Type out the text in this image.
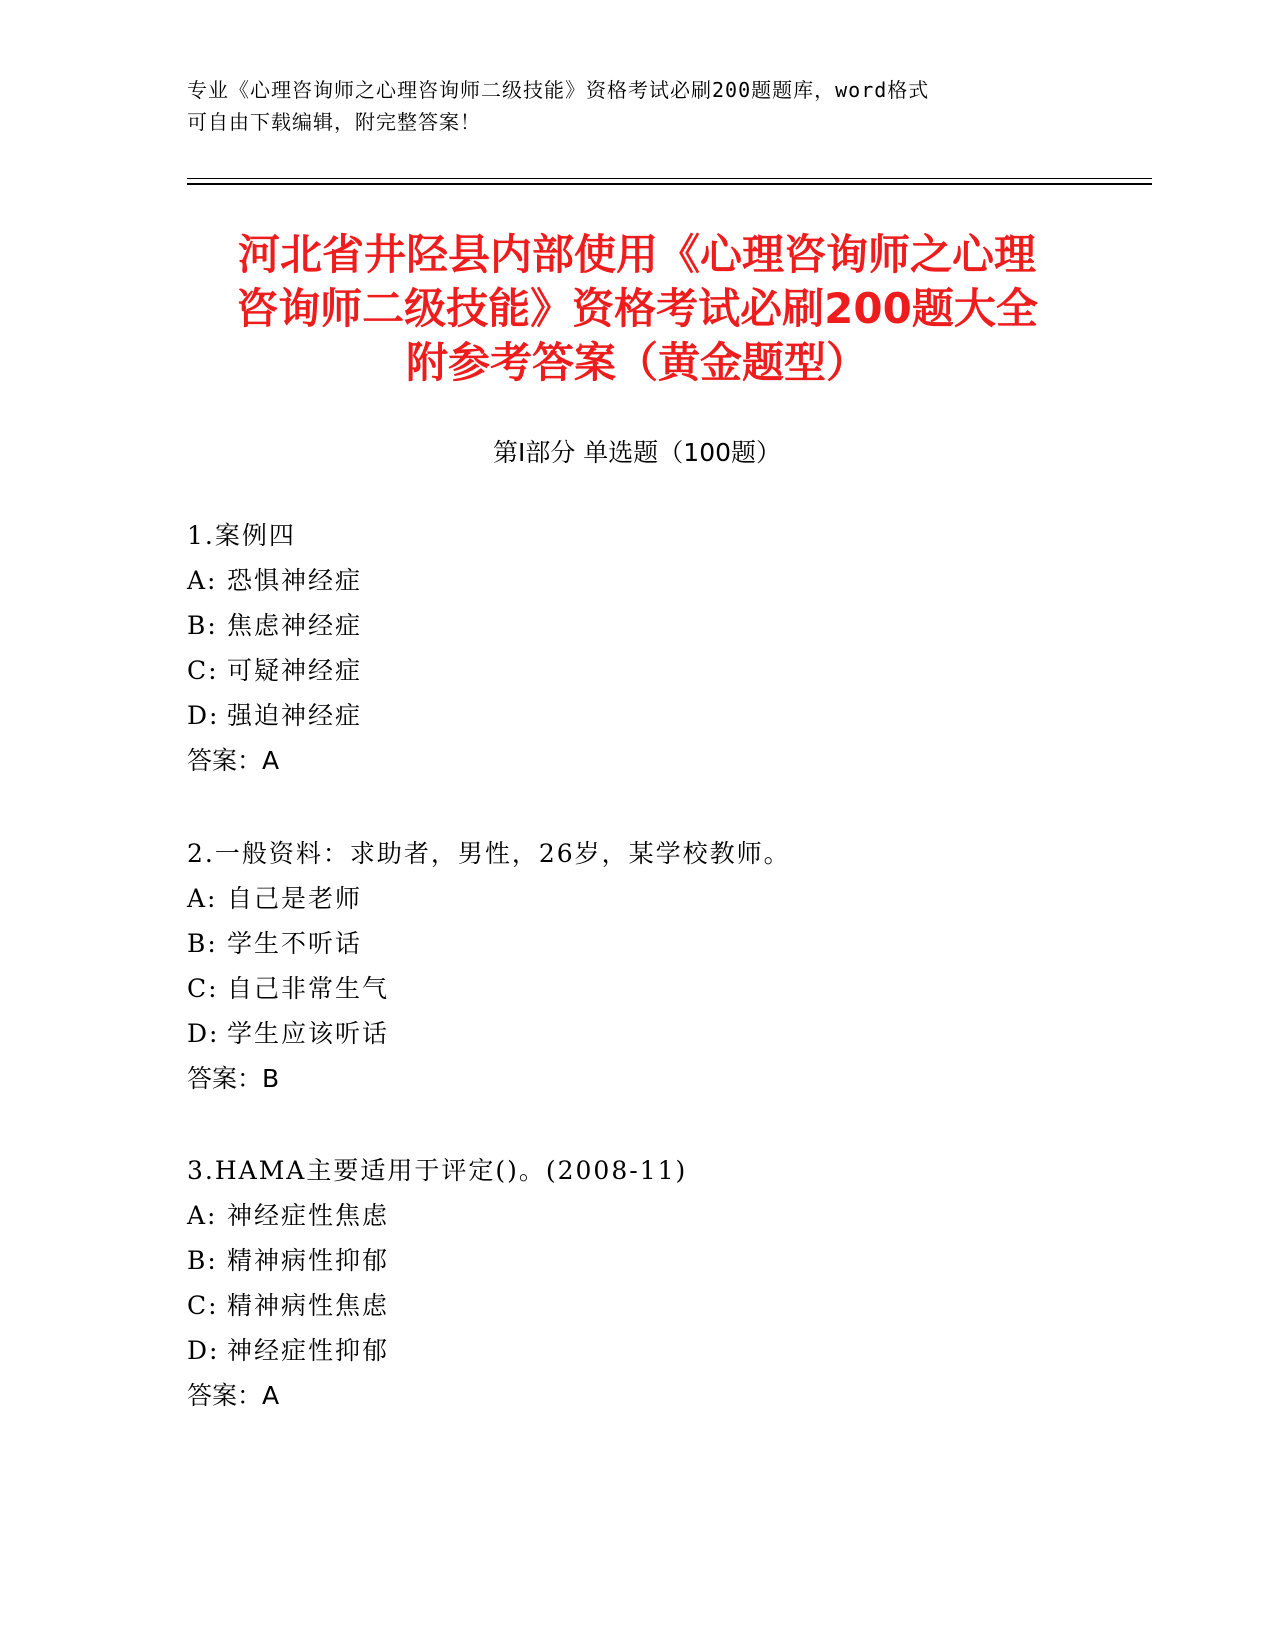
专业《心理咨询师之心理咨询师二级技能》资格考试必刷200题题库，word格式
可自由下载编辑，附完整答案！
河北省井陉县内部使用《心理咨询师之心理
咨询师二级技能》资格考试必刷200题大全
附参考答案（黄金题型）
第Ⅰ部分 单选题（100题）
1.案例四
A: 恐惧神经症
B: 焦虑神经症
C: 可疑神经症
D: 强迫神经症
答案：A
2.一般资料：求助者，男性，26岁，某学校教师。
A: 自己是老师
B: 学生不听话
C: 自己非常生气
D: 学生应该听话
答案：B
3.HAMA主要适用于评定()。(2008-11)
A: 神经症性焦虑
B: 精神病性抑郁
C: 精神病性焦虑
D: 神经症性抑郁
答案：A
